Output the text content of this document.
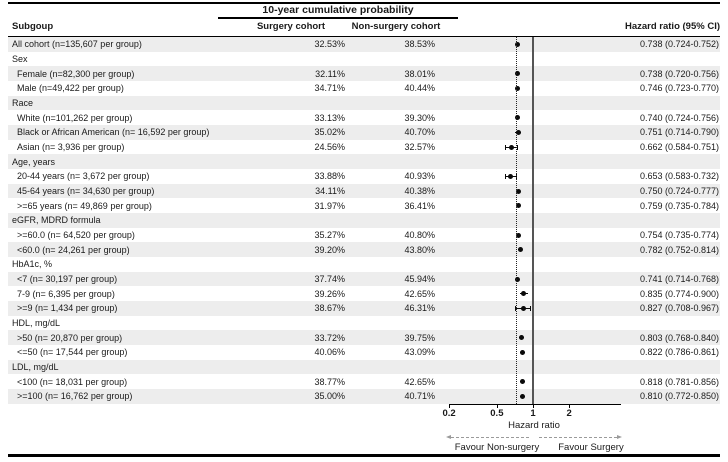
10-year cumulative probability
Subgoup	Surgery cohort	Non-surgery cohort	Hazard ratio (95% CI)
All cohort (n=135,607 per group)	32.53%	38.53%	0.738 (0.724-0.752)
Sex
Female (n=82,300 per group)	32.11%	38.01%	0.738 (0.720-0.756)
Male (n=49,422 per group)	34.71%	40.44%	0.746 (0.723-0.770)
Race
White (n=101,262 per group)	33.13%	39.30%	0.740 (0.724-0.756)
Black or African American (n= 16,592 per group)	35.02%	40.70%	0.751 (0.714-0.790)
Asian (n= 3,936 per group)	24.56%	32.57%	0.662 (0.584-0.751)
Age, years
20-44 years (n= 3,672 per group)	33.88%	40.93%	0.653 (0.583-0.732)
45-64 years (n= 34,630 per group)	34.11%	40.38%	0.750 (0.724-0.777)
>=65 years (n= 49,869 per group)	31.97%	36.41%	0.759 (0.735-0.784)
eGFR, MDRD formula
>=60.0 (n= 64,520 per group)	35.27%	40.80%	0.754 (0.735-0.774)
<60.0 (n= 24,261 per group)	39.20%	43.80%	0.782 (0.752-0.814)
HbA1c, %
<7 (n= 30,197 per group)	37.74%	45.94%	0.741 (0.714-0.768)
7-9 (n= 6,395 per group)	39.26%	42.65%	0.835 (0.774-0.900)
>=9 (n= 1,434 per group)	38.67%	46.31%	0.827 (0.708-0.967)
HDL, mg/dL
>50 (n= 20,870 per group)	33.72%	39.75%	0.803 (0.768-0.840)
<=50 (n= 17,544 per group)	40.06%	43.09%	0.822 (0.786-0.861)
LDL, mg/dL
<100 (n= 18,031 per group)	38.77%	42.65%	0.818 (0.781-0.856)
>=100 (n= 16,762 per group)	35.00%	40.71%	0.810 (0.772-0.850)
0.2	0.5	1	2
Hazard ratio
Favour Non-surgery	Favour Surgery
